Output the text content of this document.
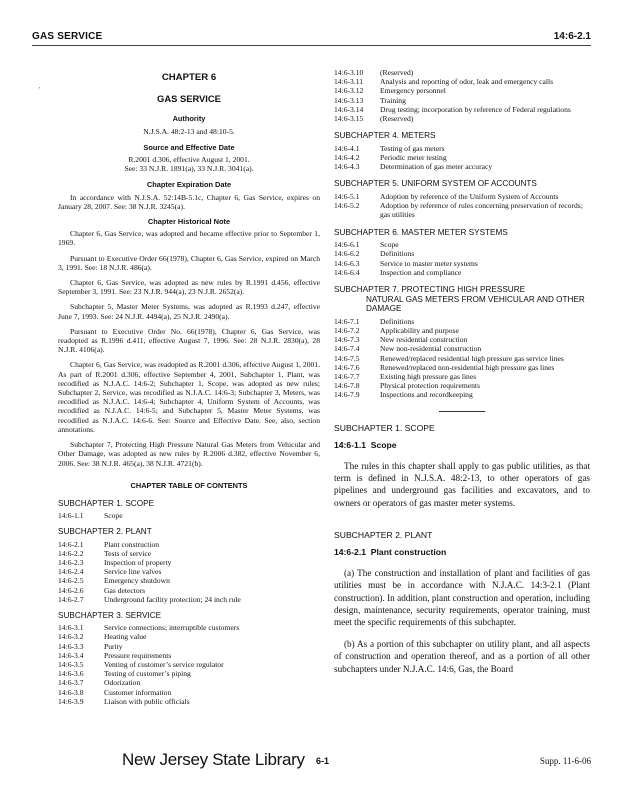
GAS SERVICE	14:6-2.1
’
CHAPTER 6
GAS SERVICE
Authority
N.J.S.A. 48:2-13 and 48:10-5.
Source and Effective Date
R.2001 d.306, effective August 1, 2001.
See: 33 N.J.R. 1891(a), 33 N.J.R. 3041(a).
Chapter Expiration Date
In accordance with N.J.S.A. 52:14B-5.1c, Chapter 6, Gas Service, expires on January 28, 2007. See: 38 N.J.R. 3245(a).
Chapter Historical Note
Chapter 6, Gas Service, was adopted and became effective prior to September 1, 1969.
Pursuant to Executive Order 66(1978), Chapter 6, Gas Service, expired on March 3, 1991. See: 18 N.J.R. 486(a).
Chapter 6, Gas Service, was adopted as new rules by R.1991 d.456, effective September 3, 1991. See: 23 N.J.R. 944(a), 23 N.J.R. 2652(a).
Subchapter 5, Master Meter Systems, was adopted as R.1993 d.247, effective June 7, 1993. See: 24 N.J.R. 4494(a), 25 N.J.R. 2490(a).
Pursuant to Executive Order No. 66(1978), Chapter 6, Gas Service, was readopted as R.1996 d.411, effective August 7, 1996. See: 28 N.J.R. 2830(a), 28 N.J.R. 4106(a).
Chapter 6, Gas Service, was readopted as R.2001 d.306, effective August 1, 2001. As part of R.2001 d.306, effective September 4, 2001, Subchapter 1, Plant, was recodified as N.J.A.C. 14:6-2; Subchapter 1, Scope, was adopted as new rules; Subchapter 2, Service, was recodified as N.J.A.C. 14:6-3; Subchapter 3, Meters, was recodified as N.J.A.C. 14:6-4; Subchapter 4, Uniform System of Accounts, was recodified as N.J.A.C. 14:6-5; and Subchapter 5, Master Meter Systems, was recodified as N.J.A.C. 14:6-6. See: Source and Effective Date. See, also, section annotations.
Subchapter 7, Protecting High Pressure Natural Gas Meters from Vehicular and Other Damage, was adopted as new rules by R.2006 d.382, effective November 6, 2006. See: 38 N.J.R. 465(a), 38 N.J.R. 4721(b).
CHAPTER TABLE OF CONTENTS
SUBCHAPTER 1. SCOPE
14:6-1.1	Scope
SUBCHAPTER 2. PLANT
14:6-2.1	Plant construction
14:6-2.2	Tests of service
14:6-2.3	Inspection of property
14:6-2.4	Service line valves
14:6-2.5	Emergency shutdown
14:6-2.6	Gas detectors
14:6-2.7	Underground facility protection; 24 inch rule
SUBCHAPTER 3. SERVICE
14:6-3.1	Service connections; interruptible customers
14:6-3.2	Heating value
14:6-3.3	Purity
14:6-3.4	Pressure requirements
14:6-3.5	Venting of customer’s service regulator
14:6-3.6	Testing of customer’s piping
14:6-3.7	Odorization
14:6-3.8	Customer information
14:6-3.9	Liaison with public officials
14:6-3.10	(Reserved)
14:6-3.11	Analysis and reporting of odor, leak and emergency calls
14:6-3.12	Emergency personnel
14:6-3.13	Training
14:6-3.14	Drug testing; incorporation by reference of Federal regulations
14:6-3.15	(Reserved)
SUBCHAPTER 4. METERS
14:6-4.1	Testing of gas meters
14:6-4.2	Periodic meter testing
14:6-4.3	Determination of gas meter accuracy
SUBCHAPTER 5. UNIFORM SYSTEM OF ACCOUNTS
14:6-5.1	Adoption by reference of the Uniform System of Accounts
14:6-5.2	Adoption by reference of rules concerning preservation of records; gas utilities
SUBCHAPTER 6. MASTER METER SYSTEMS
14:6-6.1	Scope
14:6-6.2	Definitions
14:6-6.3	Service to master meter systems
14:6-6.4	Inspection and compliance
SUBCHAPTER 7. PROTECTING HIGH PRESSURE
NATURAL GAS METERS FROM VEHICULAR AND OTHER DAMAGE
14:6-7.1	Definitions
14:6-7.2	Applicability and purpose
14:6-7.3	New residential construction
14:6-7.4	New non-residential construction
14:6-7.5	Renewed/replaced residential high pressure gas service lines
14:6-7.6	Renewed/replaced non-residential high pressure gas lines
14:6-7.7	Existing high pressure gas lines
14:6-7.8	Physical protection requirements
14:6-7.9	Inspections and recordkeeping
SUBCHAPTER 1. SCOPE
14:6-1.1 Scope
The rules in this chapter shall apply to gas public utilities, as that term is defined in N.J.S.A. 48:2-13, to other operators of gas pipelines and underground gas facilities and excavators, and to owners or operators of gas master meter systems.
SUBCHAPTER 2. PLANT
14:6-2.1 Plant construction
(a) The construction and installation of plant and facilities of gas utilities must be in accordance with N.J.A.C. 14:3-2.1 (Plant construction). In addition, plant construction and operation, including design, maintenance, security requirements, operator training, must meet the specific requirements of this subchapter.
(b) As a portion of this subchapter on utility plant, and all aspects of construction and operation thereof, and as a portion of all other subchapters under N.J.A.C. 14:6, Gas, the Board
New Jersey State Library 6-1	Supp. 11-6-06
